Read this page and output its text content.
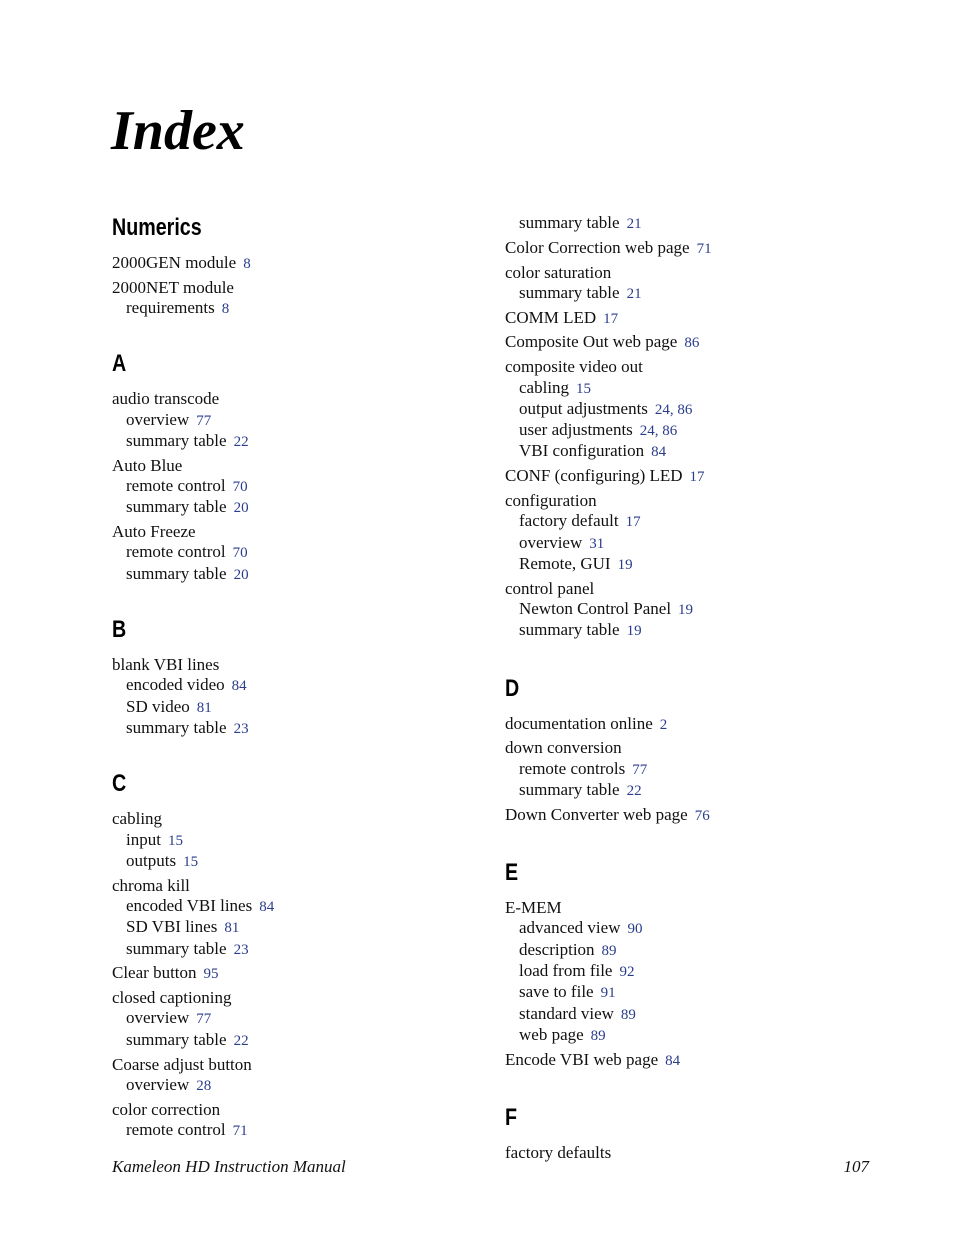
Index
Numerics
2000GEN module 8
2000NET module
requirements 8
A
audio transcode
overview 77
summary table 22
Auto Blue
remote control 70
summary table 20
Auto Freeze
remote control 70
summary table 20
B
blank VBI lines
encoded video 84
SD video 81
summary table 23
C
cabling
input 15
outputs 15
chroma kill
encoded VBI lines 84
SD VBI lines 81
summary table 23
Clear button 95
closed captioning
overview 77
summary table 22
Coarse adjust button
overview 28
color correction
remote control 71
summary table 21
Color Correction web page 71
color saturation
summary table 21
COMM LED 17
Composite Out web page 86
composite video out
cabling 15
output adjustments 24, 86
user adjustments 24, 86
VBI configuration 84
CONF (configuring) LED 17
configuration
factory default 17
overview 31
Remote, GUI 19
control panel
Newton Control Panel 19
summary table 19
D
documentation online 2
down conversion
remote controls 77
summary table 22
Down Converter web page 76
E
E-MEM
advanced view 90
description 89
load from file 92
save to file 91
standard view 89
web page 89
Encode VBI web page 84
F
factory defaults
Kameleon HD Instruction Manual	107
